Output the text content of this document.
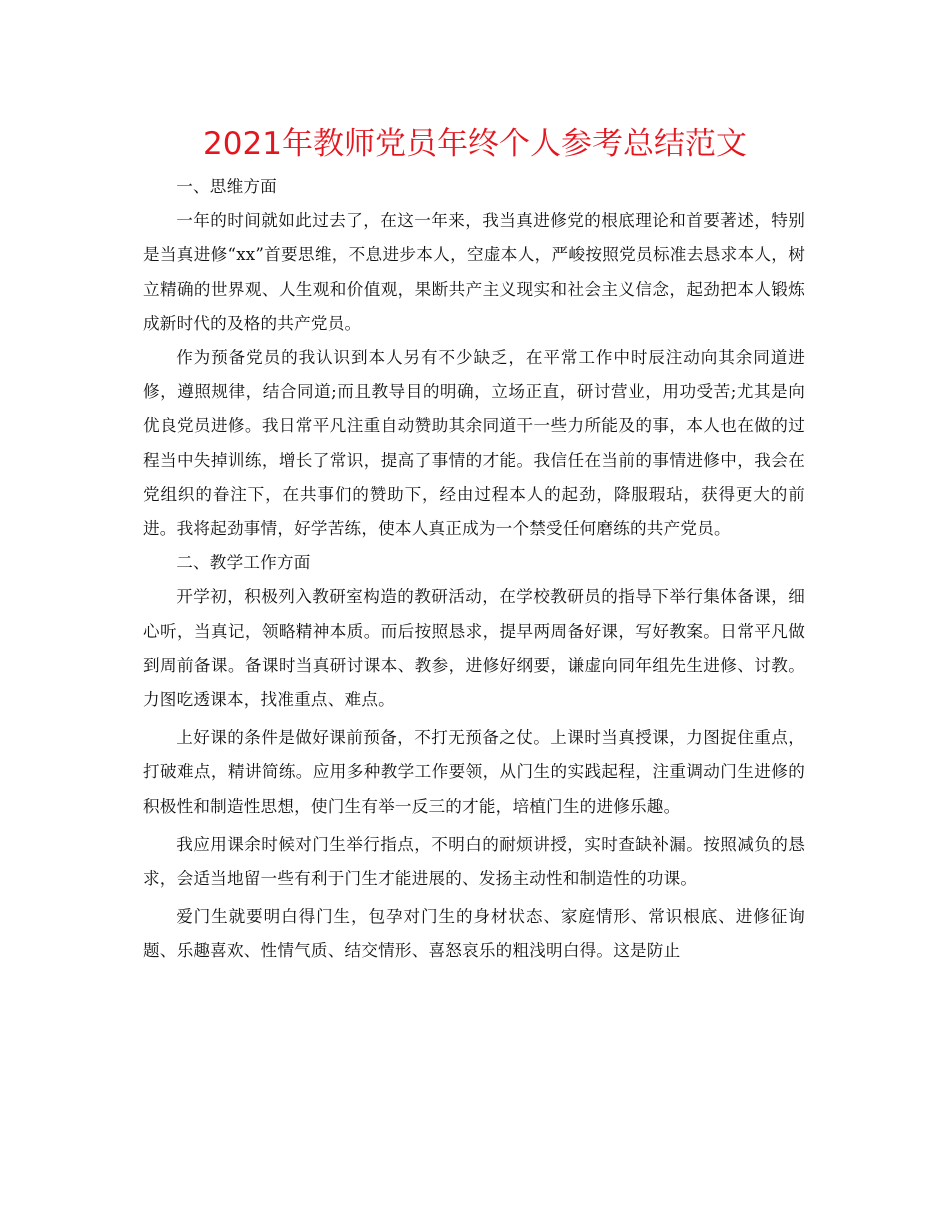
2021年教师党员年终个人参考总结范文

一、思维方面

一年的时间就如此过去了，在这一年来，我当真进修党的根底理论和首要著述，特别是当真进修“xx”首要思维，不息进步本人，空虚本人，严峻按照党员标准去恳求本人，树立精确的世界观、人生观和价值观，果断共产主义现实和社会主义信念，起劲把本人锻炼成新时代的及格的共产党员。

作为预备党员的我认识到本人另有不少缺乏，在平常工作中时辰注动向其余同道进修，遵照规律，结合同道;而且教导目的明确，立场正直，研讨营业，用功受苦;尤其是向优良党员进修。我日常平凡注重自动赞助其余同道干一些力所能及的事，本人也在做的过程当中失掉训练，增长了常识，提高了事情的才能。我信任在当前的事情进修中，我会在党组织的眷注下，在共事们的赞助下，经由过程本人的起劲，降服瑕玷，获得更大的前进。我将起劲事情，好学苦练，使本人真正成为一个禁受任何磨练的共产党员。

二、教学工作方面

开学初，积极列入教研室构造的教研活动，在学校教研员的指导下举行集体备课，细心听，当真记，领略精神本质。而后按照恳求，提早两周备好课，写好教案。日常平凡做到周前备课。备课时当真研讨课本、教参，进修好纲要，谦虚向同年组先生进修、讨教。力图吃透课本，找准重点、难点。

上好课的条件是做好课前预备，不打无预备之仗。上课时当真授课，力图捉住重点，打破难点，精讲简练。应用多种教学工作要领，从门生的实践起程，注重调动门生进修的积极性和制造性思想，使门生有举一反三的才能，培植门生的进修乐趣。

我应用课余时候对门生举行指点，不明白的耐烦讲授，实时查缺补漏。按照减负的恳求，会适当地留一些有利于门生才能进展的、发扬主动性和制造性的功课。

爱门生就要明白得门生，包孕对门生的身材状态、家庭情形、常识根底、进修征询题、乐趣喜欢、性情气质、结交情形、喜怒哀乐的粗浅明白得。这是防止
